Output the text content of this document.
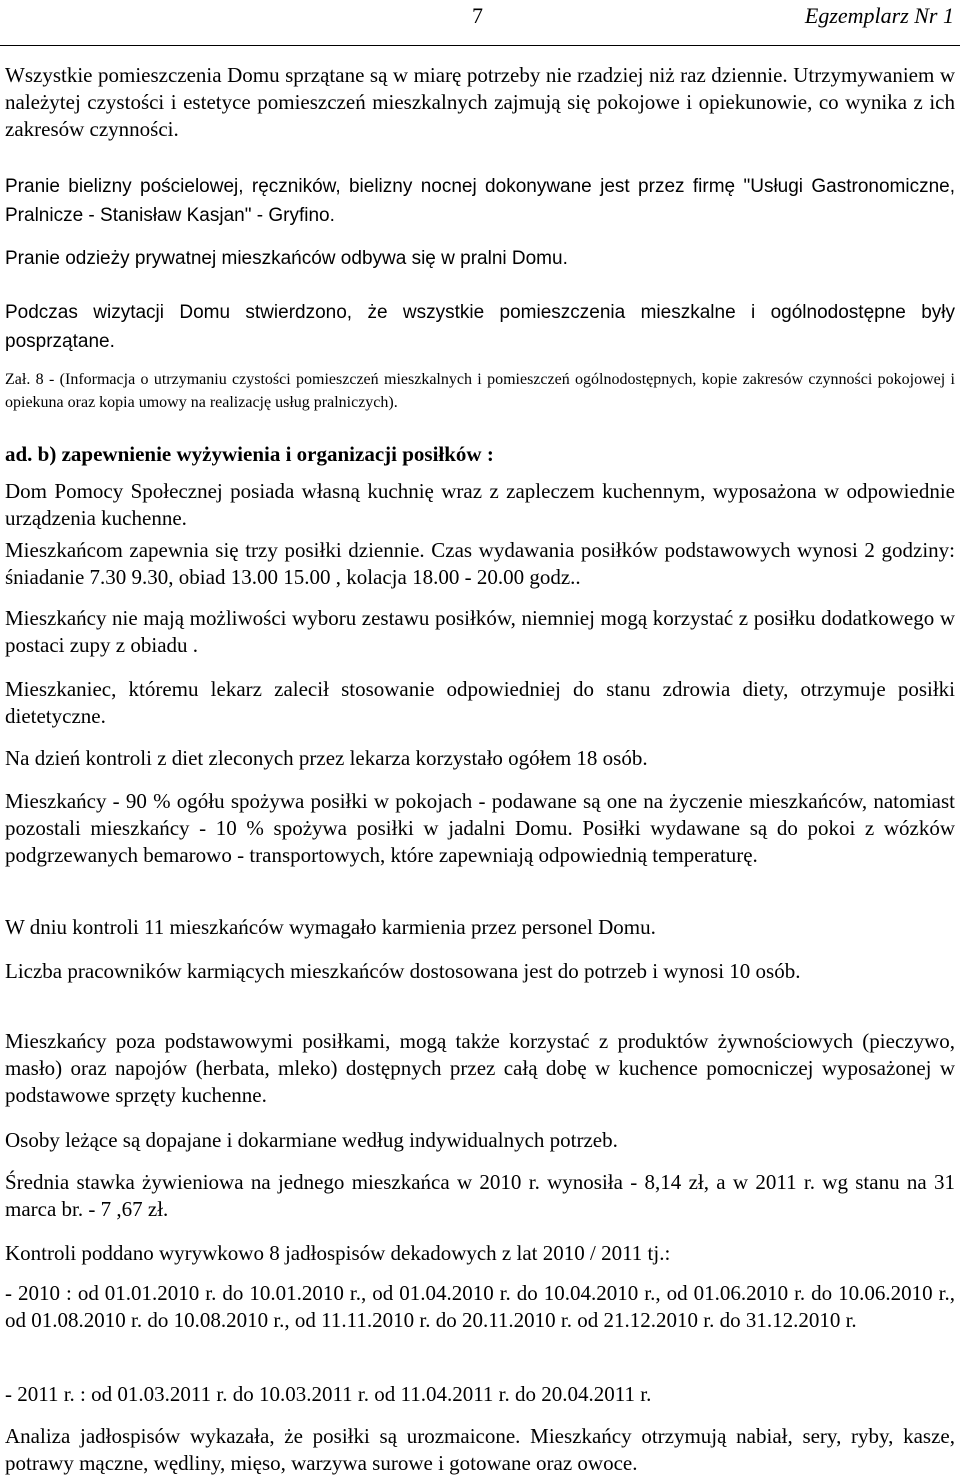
7	Egzemplarz Nr 1

Wszystkie pomieszczenia Domu sprzątane są w miarę potrzeby nie rzadziej niż raz dziennie. Utrzymywaniem w należytej czystości i estetyce pomieszczeń mieszkalnych zajmują się pokojowe i opiekunowie, co wynika z ich zakresów czynności.

Pranie bielizny pościelowej, ręczników, bielizny nocnej dokonywane jest przez firmę "Usługi Gastronomiczne, Pralnicze - Stanisław Kasjan" - Gryfino.

Pranie odzieży prywatnej mieszkańców odbywa się w pralni Domu.

Podczas wizytacji Domu stwierdzono, że wszystkie pomieszczenia mieszkalne i ogólnodostępne były posprzątane.

Zał. 8 - (Informacja o utrzymaniu czystości pomieszczeń mieszkalnych i pomieszczeń ogólnodostępnych, kopie zakresów czynności pokojowej i opiekuna oraz kopia umowy na realizację usług pralniczych).

ad. b) zapewnienie wyżywienia i organizacji posiłków :

Dom Pomocy Społecznej posiada własną kuchnię wraz z zapleczem kuchennym, wyposażona w odpowiednie urządzenia kuchenne.

Mieszkańcom zapewnia się trzy posiłki dziennie. Czas wydawania posiłków podstawowych wynosi 2 godziny: śniadanie 7.30 9.30, obiad 13.00 15.00 , kolacja 18.00 - 20.00 godz..

Mieszkańcy nie mają możliwości wyboru zestawu posiłków, niemniej mogą korzystać z posiłku dodatkowego w postaci zupy z obiadu .

Mieszkaniec, któremu lekarz zalecił stosowanie odpowiedniej do stanu zdrowia diety, otrzymuje posiłki dietetyczne.

Na dzień kontroli z diet zleconych przez lekarza korzystało ogółem 18 osób.

Mieszkańcy - 90 % ogółu spożywa posiłki w pokojach - podawane są one na życzenie mieszkańców, natomiast pozostali mieszkańcy - 10 % spożywa posiłki w jadalni Domu. Posiłki wydawane są do pokoi z wózków podgrzewanych bemarowo - transportowych, które zapewniają odpowiednią temperaturę.

W dniu kontroli 11 mieszkańców wymagało karmienia przez personel Domu.

Liczba pracowników karmiących mieszkańców dostosowana jest do potrzeb i wynosi 10 osób.

Mieszkańcy poza podstawowymi posiłkami, mogą także korzystać z produktów żywnościowych (pieczywo, masło) oraz napojów (herbata, mleko) dostępnych przez całą dobę w kuchence pomocniczej wyposażonej w podstawowe sprzęty kuchenne.

Osoby leżące są dopajane i dokarmiane według indywidualnych potrzeb.

Średnia stawka żywieniowa na jednego mieszkańca w 2010 r. wynosiła - 8,14 zł, a w 2011 r. wg stanu na 31 marca br. - 7 ,67 zł.

Kontroli poddano wyrywkowo 8 jadłospisów dekadowych z lat 2010 / 2011 tj.:

- 2010 : od 01.01.2010 r. do 10.01.2010 r., od 01.04.2010 r. do 10.04.2010 r., od 01.06.2010 r. do 10.06.2010 r., od 01.08.2010 r. do 10.08.2010 r., od 11.11.2010 r. do 20.11.2010 r. od 21.12.2010 r. do 31.12.2010 r.

- 2011 r. : od 01.03.2011 r. do 10.03.2011 r. od 11.04.2011 r. do 20.04.2011 r.

Analiza jadłospisów wykazała, że posiłki są urozmaicone. Mieszkańcy otrzymują nabiał, sery, ryby, kasze, potrawy mączne, wędliny, mięso, warzywa surowe i gotowane oraz owoce.
